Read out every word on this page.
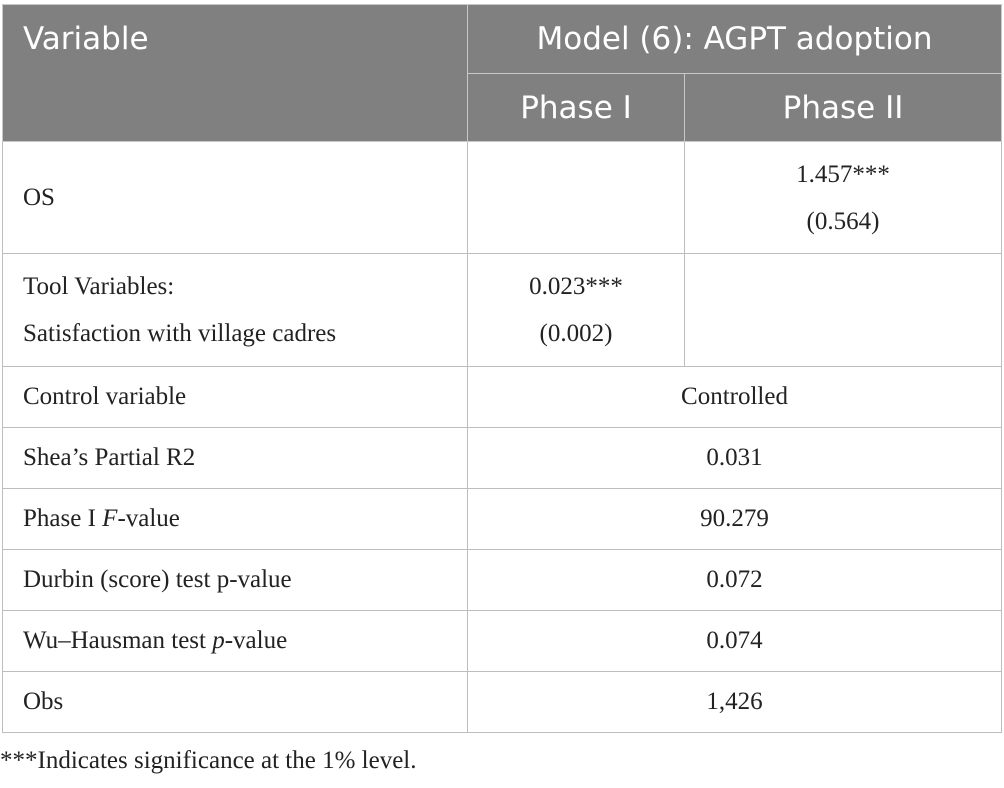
Variable	Model (6): AGPT adoption	
	Phase I	Phase II
OS		1.457***
(0.564)

Tool Variables:
Satisfaction with village cadres	0.023***
(0.002)	

Control variable	Controlled	
Shea’s Partial R2	0.031	
Phase I F-value	90.279	
Durbin (score) test p-value	0.072	
Wu–Hausman test p-value	0.074	
Obs	1,426	
***Indicates significance at the 1% level.
